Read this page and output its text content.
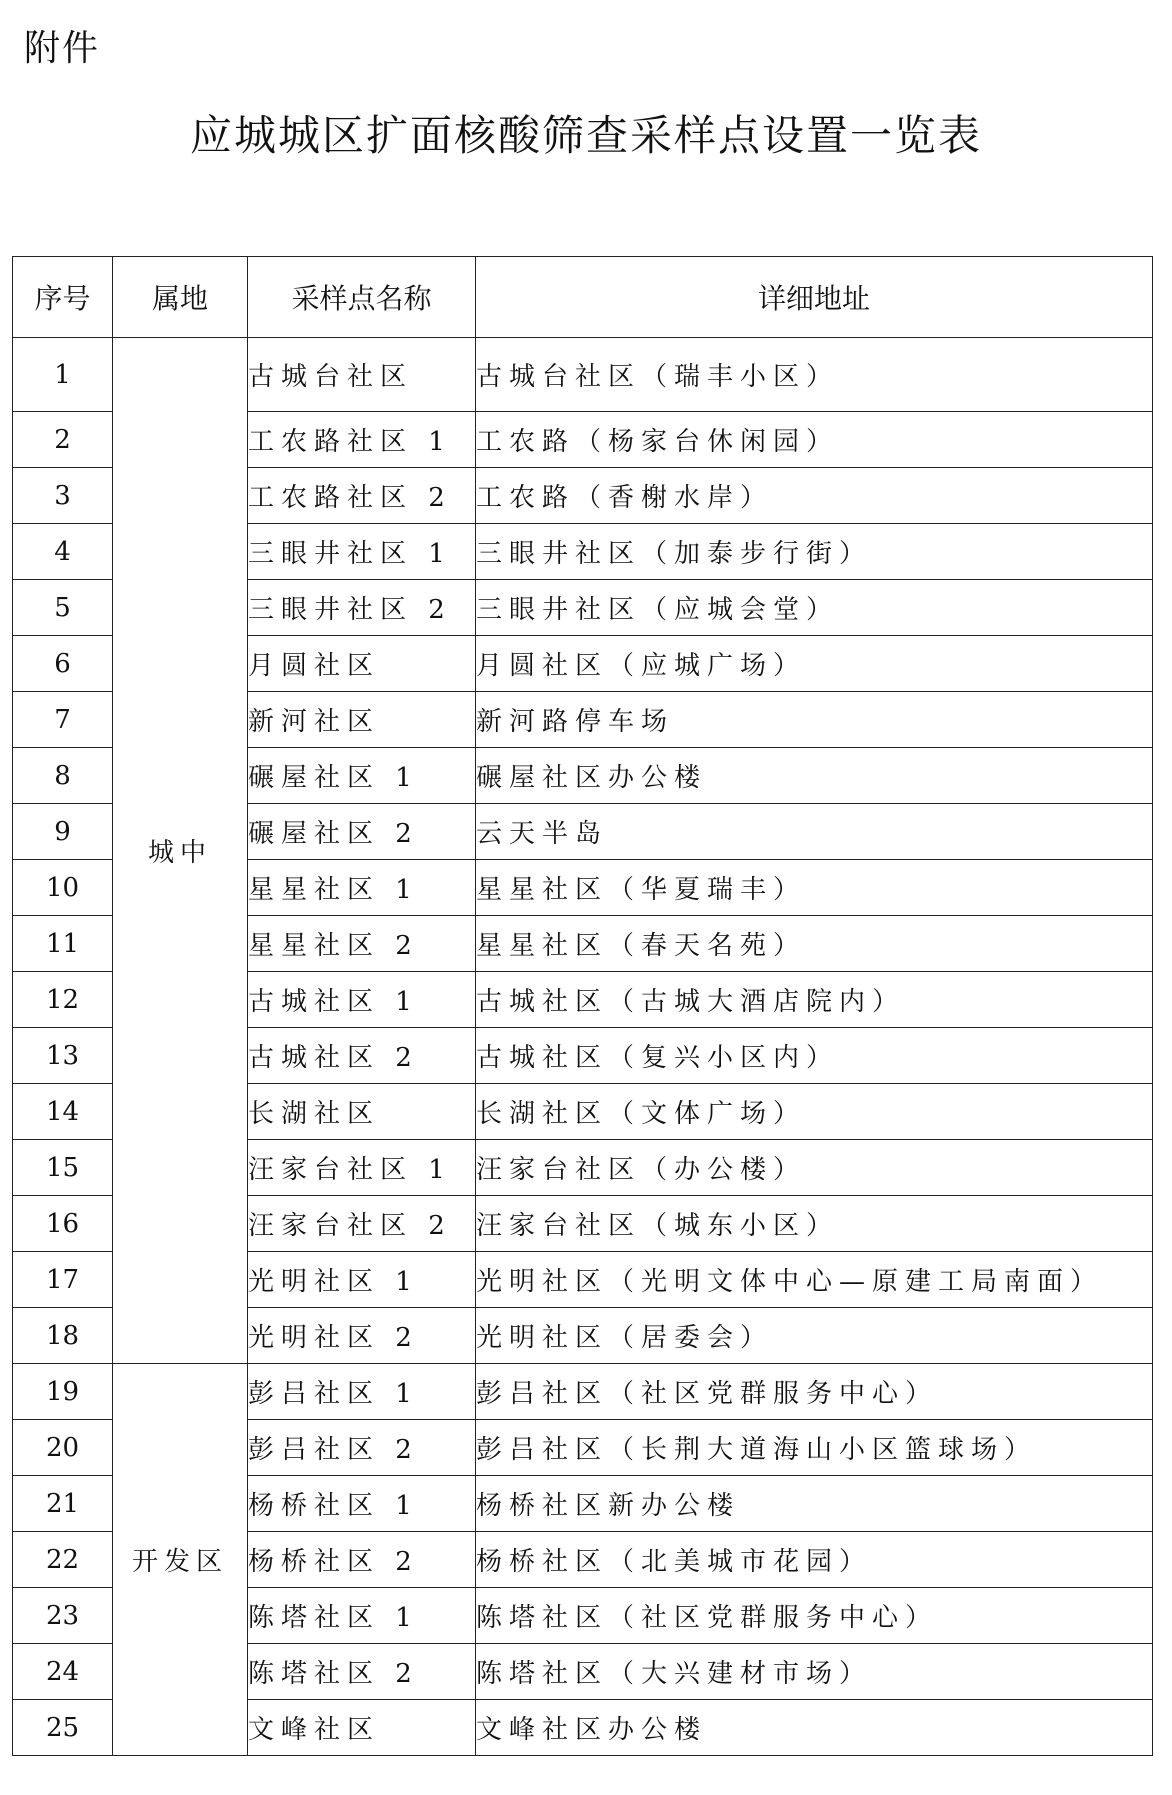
附件
应城城区扩面核酸筛查采样点设置一览表
序号	属地	采样点名称	详细地址
1	城中	古城台社区	古城台社区（瑞丰小区）
2		工农路社区 1	工农路（杨家台休闲园）
3		工农路社区 2	工农路（香榭水岸）
4		三眼井社区 1	三眼井社区（加泰步行街）
5		三眼井社区 2	三眼井社区（应城会堂）
6		月圆社区	月圆社区（应城广场）
7		新河社区	新河路停车场
8		碾屋社区 1	碾屋社区办公楼
9		碾屋社区 2	云天半岛
10		星星社区 1	星星社区（华夏瑞丰）
11		星星社区 2	星星社区（春天名苑）
12		古城社区 1	古城社区（古城大酒店院内）
13		古城社区 2	古城社区（复兴小区内）
14		长湖社区	长湖社区（文体广场）
15		汪家台社区 1	汪家台社区（办公楼）
16		汪家台社区 2	汪家台社区（城东小区）
17		光明社区 1	光明社区（光明文体中心—原建工局南面）
18		光明社区 2	光明社区（居委会）
19	开发区	彭吕社区 1	彭吕社区（社区党群服务中心）
20		彭吕社区 2	彭吕社区（长荆大道海山小区篮球场）
21		杨桥社区 1	杨桥社区新办公楼
22		杨桥社区 2	杨桥社区（北美城市花园）
23		陈塔社区 1	陈塔社区（社区党群服务中心）
24		陈塔社区 2	陈塔社区（大兴建材市场）
25		文峰社区	文峰社区办公楼
